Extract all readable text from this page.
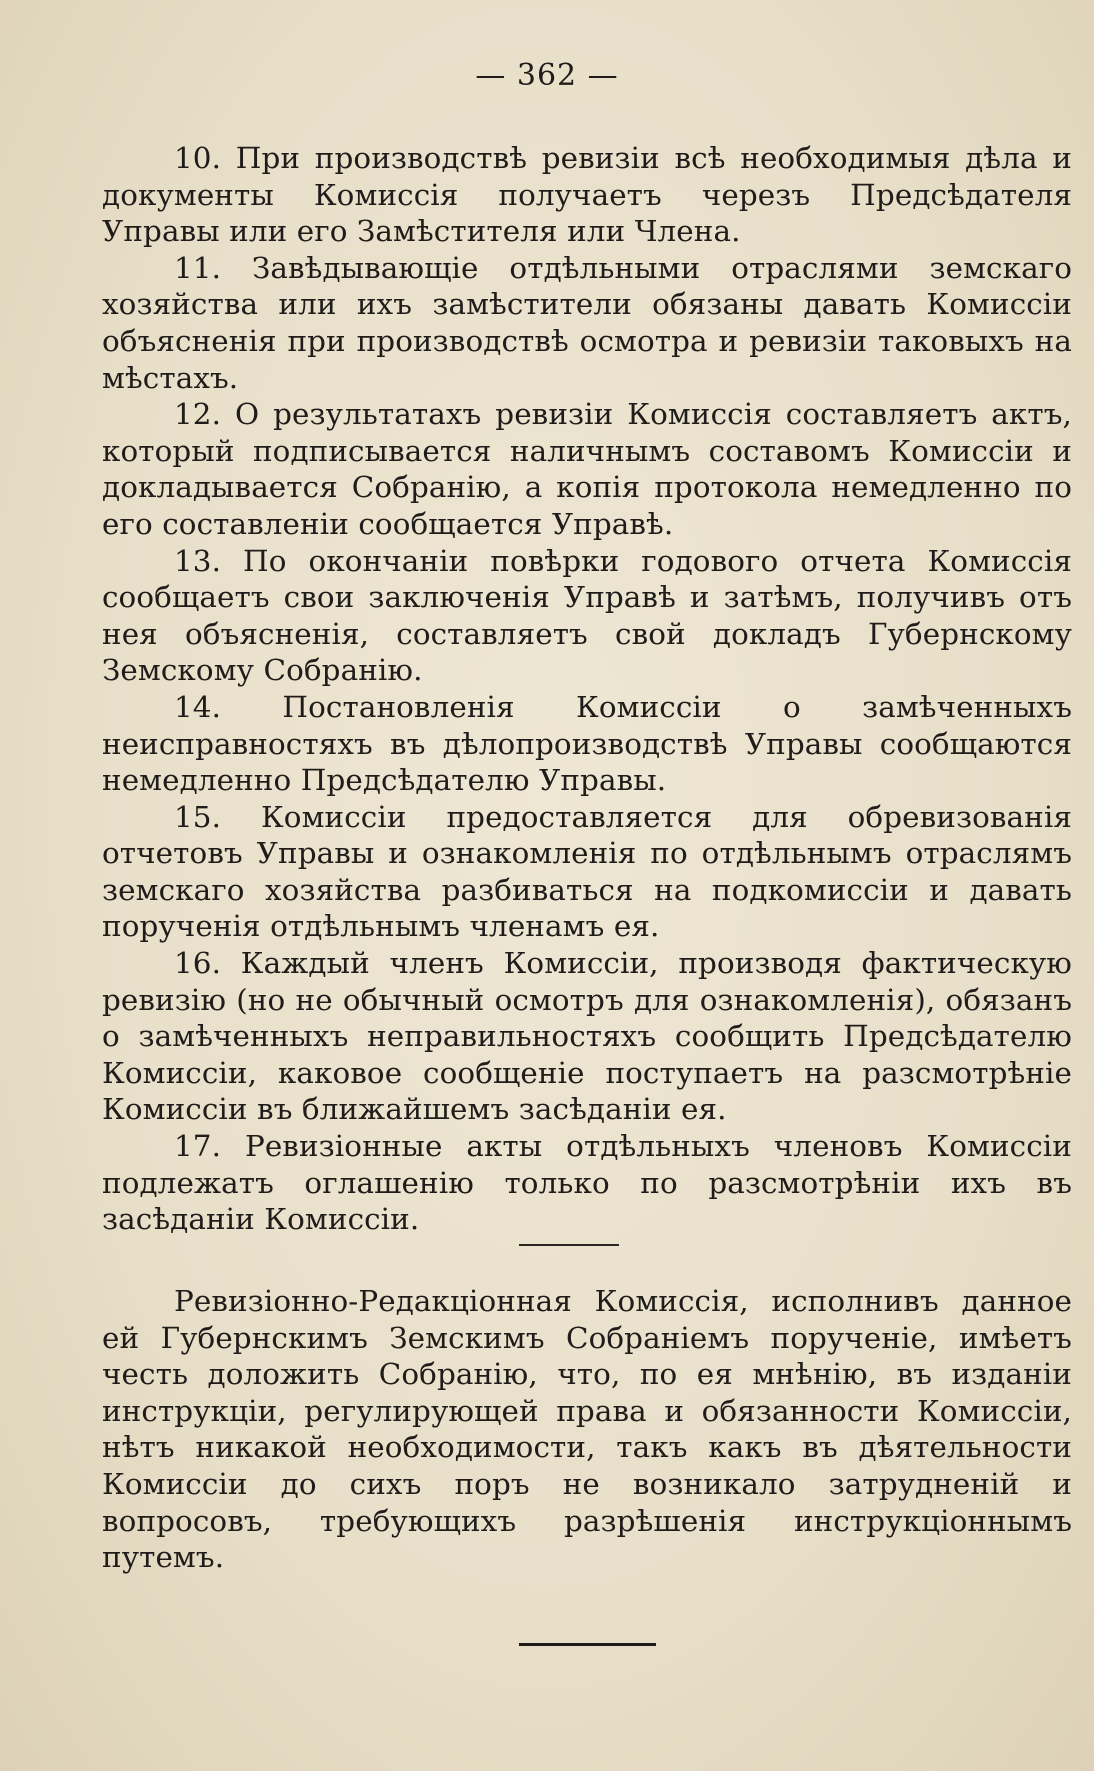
— 362 —

10. При производствѣ ревизіи всѣ необходимыя дѣла и документы Комиссія получаетъ черезъ Предсѣдателя Управы или его Замѣстителя или Члена.

11. Завѣдывающіе отдѣльными отраслями земскаго хозяйства или ихъ замѣстители обязаны давать Комиссіи объясненія при производствѣ осмотра и ревизіи таковыхъ на мѣстахъ.

12. О результатахъ ревизіи Комиссія составляетъ актъ, который подписывается наличнымъ составомъ Комиссіи и докладывается Собранію, а копія протокола немедленно по его составленіи сообщается Управѣ.

13. По окончаніи повѣрки годового отчета Комиссія сообщаетъ свои заключенія Управѣ и затѣмъ, получивъ отъ нея объясненія, составляетъ свой докладъ Губернскому Земскому Собранію.

14. Постановленія Комиссіи о замѣченныхъ неисправностяхъ въ дѣлопроизводствѣ Управы сообщаются немедленно Предсѣдателю Управы.

15. Комиссіи предоставляется для обревизованія отчетовъ Управы и ознакомленія по отдѣльнымъ отраслямъ земскаго хозяйства разбиваться на подкомиссіи и давать порученія отдѣльнымъ членамъ ея.

16. Каждый членъ Комиссіи, производя фактическую ревизію (но не обычный осмотръ для ознакомленія), обязанъ о замѣченныхъ неправильностяхъ сообщить Предсѣдателю Комиссіи, каковое сообщеніе поступаетъ на разсмотрѣніе Комиссіи въ ближайшемъ засѣданіи ея.

17. Ревизіонные акты отдѣльныхъ членовъ Комиссіи подлежатъ оглашенію только по разсмотрѣніи ихъ въ засѣданіи Комиссіи.

Ревизіонно-Редакціонная Комиссія, исполнивъ данное ей Губернскимъ Земскимъ Собраніемъ порученіе, имѣетъ честь доложить Собранію, что, по ея мнѣнію, въ изданіи инструкціи, регулирующей права и обязанности Комиссіи, нѣтъ никакой необходимости, такъ какъ въ дѣятельности Комиссіи до сихъ поръ не возникало затрудненій и вопросовъ, требующихъ разрѣшенія инструкціоннымъ путемъ.
